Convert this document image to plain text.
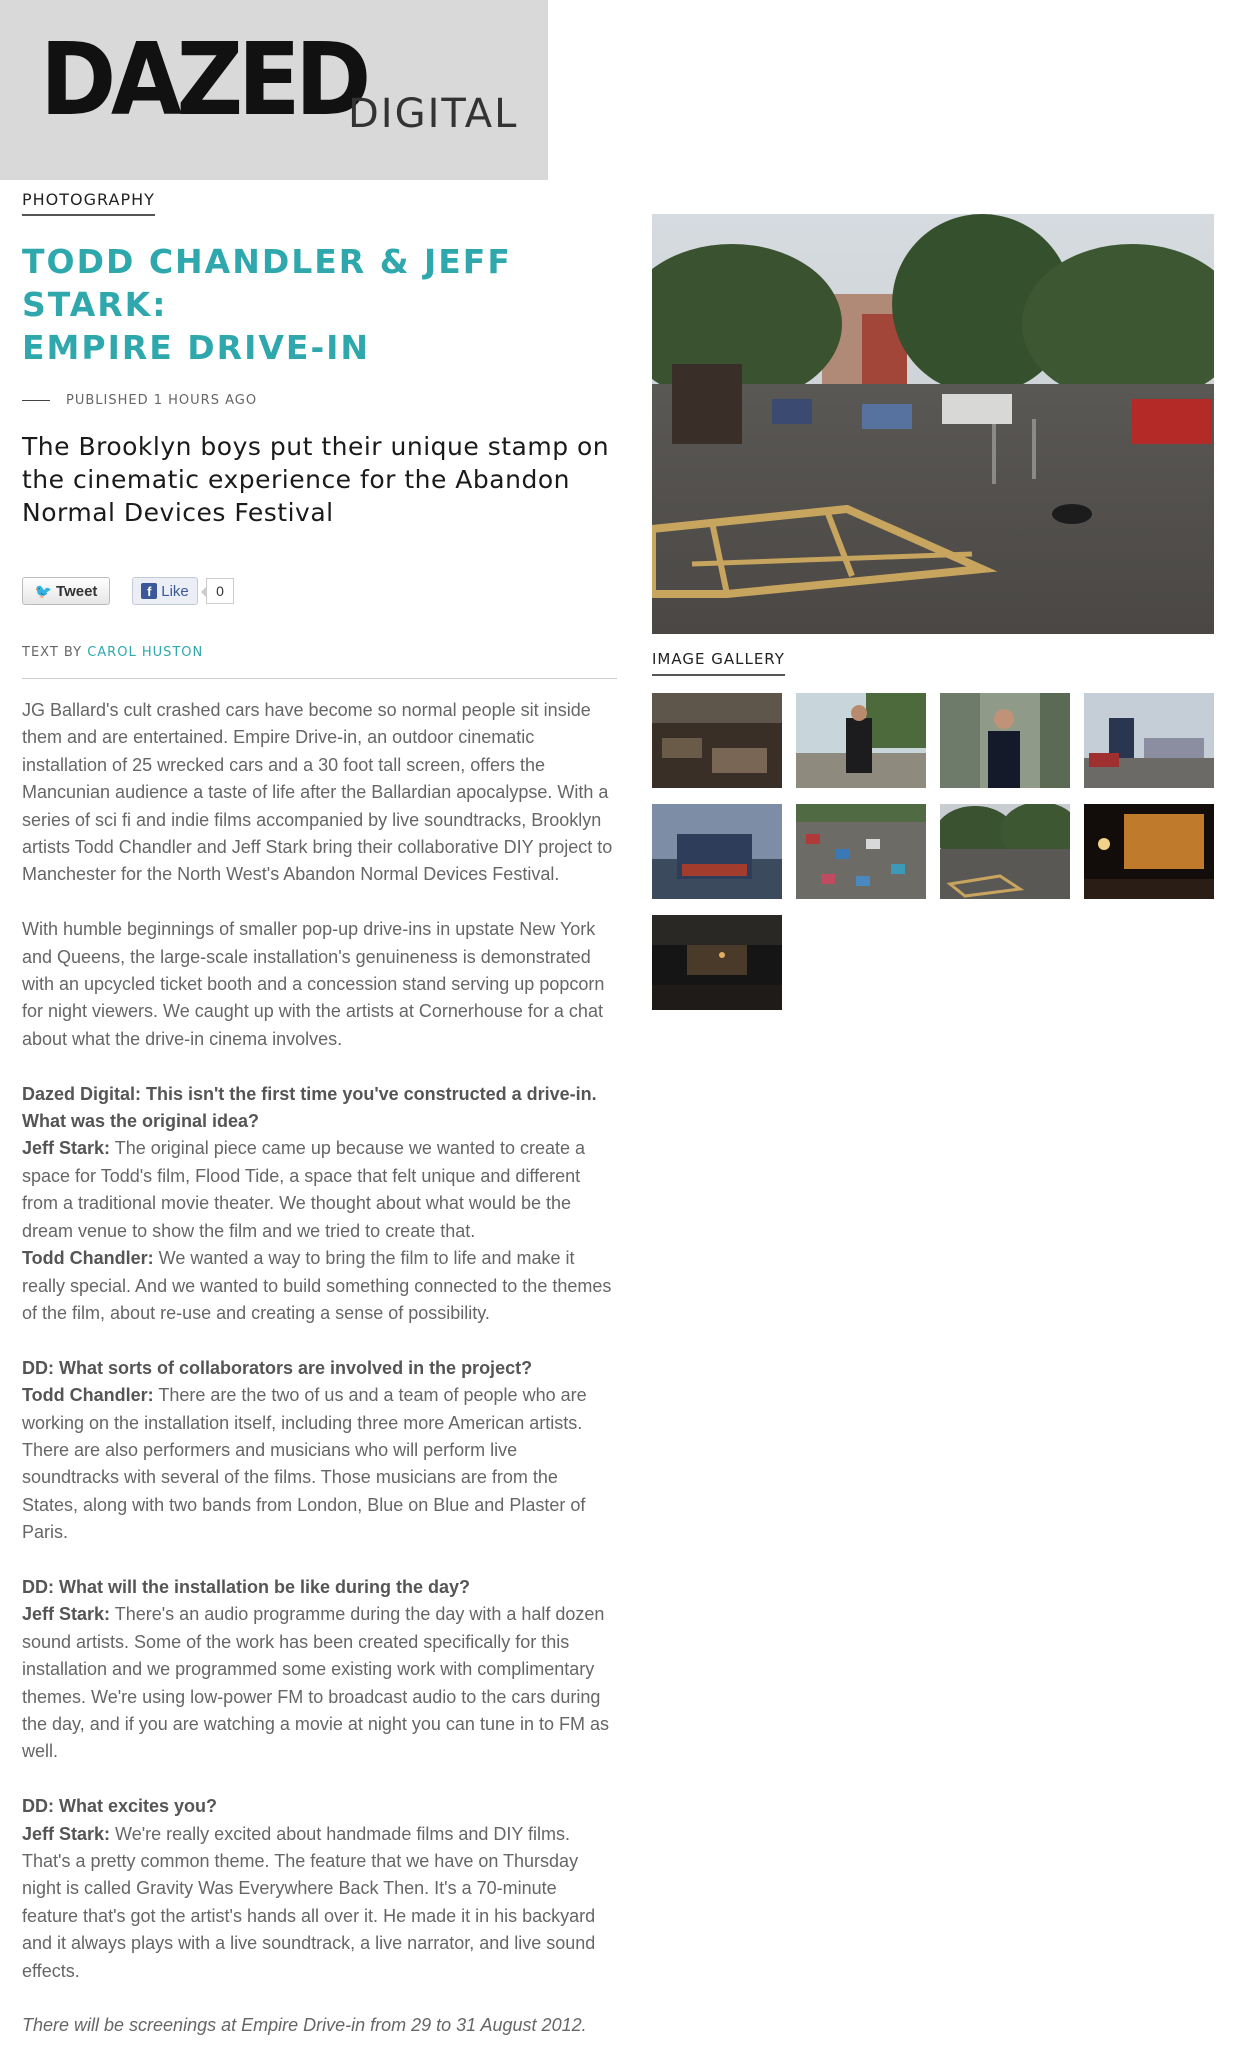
DAZED
DIGITAL
PHOTOGRAPHY
TODD CHANDLER & JEFF STARK:
EMPIRE DRIVE-IN
PUBLISHED 1 HOURS AGO
The Brooklyn boys put their unique stamp on the cinematic experience for the Abandon Normal Devices Festival
🐦 Tweet	f Like	0
TEXT BY CAROL HUSTON

JG Ballard's cult crashed cars have become so normal people sit inside them and are entertained. Empire Drive-in, an outdoor cinematic installation of 25 wrecked cars and a 30 foot tall screen, offers the Mancunian audience a taste of life after the Ballardian apocalypse. With a series of sci fi and indie films accompanied by live soundtracks, Brooklyn artists Todd Chandler and Jeff Stark bring their collaborative DIY project to Manchester for the North West's Abandon Normal Devices Festival.

With humble beginnings of smaller pop-up drive-ins in upstate New York and Queens, the large-scale installation's genuineness is demonstrated with an upcycled ticket booth and a concession stand serving up popcorn for night viewers. We caught up with the artists at Cornerhouse for a chat about what the drive-in cinema involves.

Dazed Digital: This isn't the first time you've constructed a drive-in. What was the original idea?
Jeff Stark: The original piece came up because we wanted to create a space for Todd's film, Flood Tide, a space that felt unique and different from a traditional movie theater. We thought about what would be the dream venue to show the film and we tried to create that.
Todd Chandler: We wanted a way to bring the film to life and make it really special. And we wanted to build something connected to the themes of the film, about re-use and creating a sense of possibility.

DD: What sorts of collaborators are involved in the project?
Todd Chandler: There are the two of us and a team of people who are working on the installation itself, including three more American artists. There are also performers and musicians who will perform live soundtracks with several of the films. Those musicians are from the States, along with two bands from London, Blue on Blue and Plaster of Paris.

DD: What will the installation be like during the day?
Jeff Stark: There's an audio programme during the day with a half dozen sound artists. Some of the work has been created specifically for this installation and we programmed some existing work with complimentary themes. We're using low-power FM to broadcast audio to the cars during the day, and if you are watching a movie at night you can tune in to FM as well.

DD: What excites you?
Jeff Stark: We're really excited about handmade films and DIY films. That's a pretty common theme. The feature that we have on Thursday night is called Gravity Was Everywhere Back Then. It's a 70-minute feature that's got the artist's hands all over it. He made it in his backyard and it always plays with a live soundtrack, a live narrator, and live sound effects.

There will be screenings at Empire Drive-in from 29 to 31 August 2012.

IMAGE GALLERY
